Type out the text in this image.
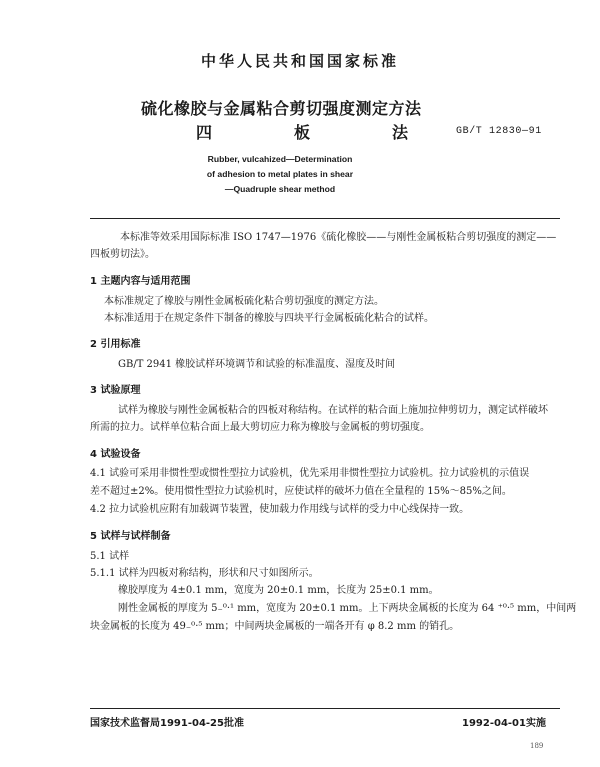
中华人民共和国国家标准
硫化橡胶与金属粘合剪切强度测定方法
四	板	法	GB/T 12830—91
Rubber, vulcahized—Determination
of adhesion to metal plates in shear
—Quadruple shear method
本标准等效采用国际标准 ISO 1747—1976《硫化橡胶——与刚性金属板粘合剪切强度的测定——
四板剪切法》。
1 主题内容与适用范围
本标准规定了橡胶与刚性金属板硫化粘合剪切强度的测定方法。
本标准适用于在规定条件下制备的橡胶与四块平行金属板硫化粘合的试样。
2 引用标准
GB/T 2941 橡胶试样环境调节和试验的标准温度、湿度及时间
3 试验原理
试样为橡胶与刚性金属板粘合的四板对称结构。在试样的粘合面上施加拉伸剪切力，测定试样破坏
所需的拉力。试样单位粘合面上最大剪切应力称为橡胶与金属板的剪切强度。
4 试验设备
4.1 试验可采用非惯性型或惯性型拉力试验机，优先采用非惯性型拉力试验机。拉力试验机的示值误
差不超过±2%。使用惯性型拉力试验机时，应使试样的破坏力值在全量程的 15%～85%之间。
4.2 拉力试验机应附有加载调节装置，使加载力作用线与试样的受力中心线保持一致。
5 试样与试样制备
5.1 试样
5.1.1 试样为四板对称结构，形状和尺寸如图所示。
橡胶厚度为 4±0.1 mm，宽度为 20±0.1 mm，长度为 25±0.1 mm。
刚性金属板的厚度为 5₋⁰·¹ mm，宽度为 20±0.1 mm。上下两块金属板的长度为 64 ⁺⁰·⁵ mm，中间两
块金属板的长度为 49₋⁰·⁵ mm；中间两块金属板的一端各开有 φ 8.2 mm 的销孔。
国家技术监督局1991-04-25批准	1992-04-01实施
189
